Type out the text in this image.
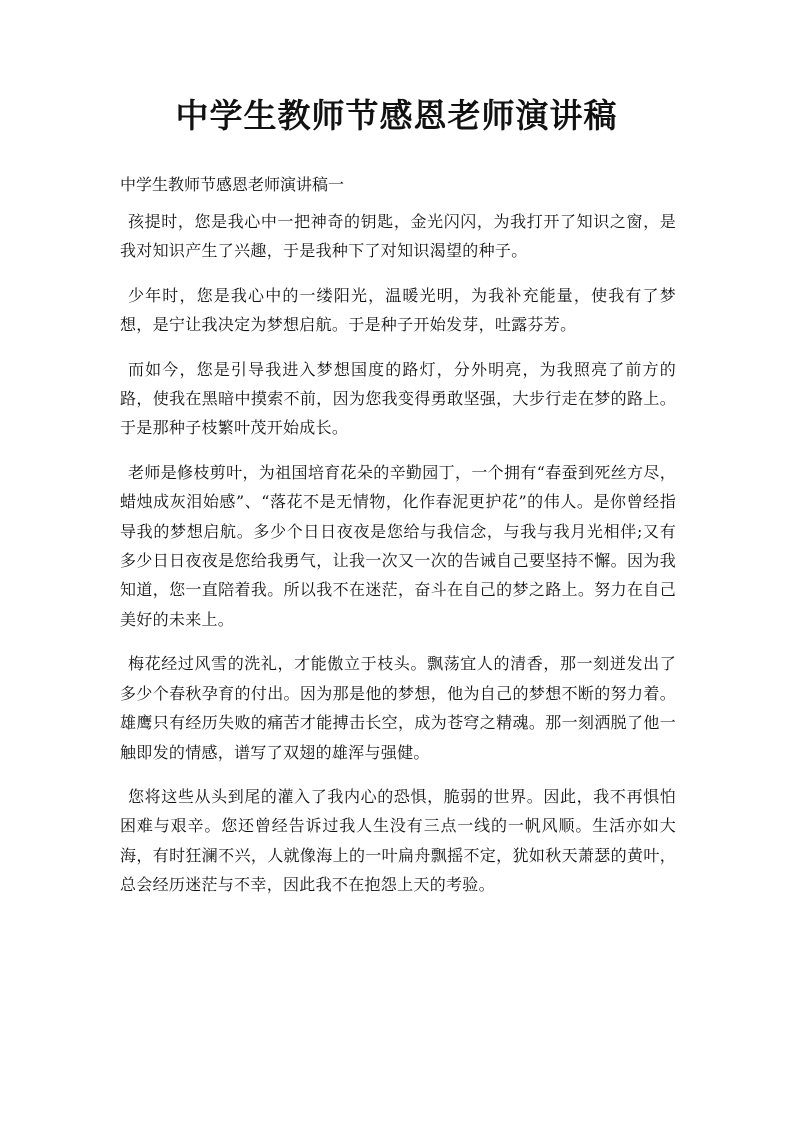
中学生教师节感恩老师演讲稿

中学生教师节感恩老师演讲稿一

孩提时，您是我心中一把神奇的钥匙，金光闪闪，为我打开了知识之窗，是我对知识产生了兴趣，于是我种下了对知识渴望的种子。

少年时，您是我心中的一缕阳光，温暖光明，为我补充能量，使我有了梦想，是宁让我决定为梦想启航。于是种子开始发芽，吐露芬芳。

而如今，您是引导我进入梦想国度的路灯，分外明亮，为我照亮了前方的路，使我在黑暗中摸索不前，因为您我变得勇敢坚强，大步行走在梦的路上。于是那种子枝繁叶茂开始成长。

老师是修枝剪叶，为祖国培育花朵的辛勤园丁，一个拥有“春蚕到死丝方尽，蜡烛成灰泪始感”、“落花不是无情物，化作春泥更护花”的伟人。是你曾经指导我的梦想启航。多少个日日夜夜是您给与我信念，与我与我月光相伴;又有多少日日夜夜是您给我勇气，让我一次又一次的告诫自己要坚持不懈。因为我知道，您一直陪着我。所以我不在迷茫，奋斗在自己的梦之路上。努力在自己美好的未来上。

梅花经过风雪的洗礼，才能傲立于枝头。飘荡宜人的清香，那一刻迸发出了多少个春秋孕育的付出。因为那是他的梦想，他为自己的梦想不断的努力着。雄鹰只有经历失败的痛苦才能搏击长空，成为苍穹之精魂。那一刻洒脱了他一触即发的情感，谱写了双翅的雄浑与强健。

您将这些从头到尾的灌入了我内心的恐惧，脆弱的世界。因此，我不再惧怕困难与艰辛。您还曾经告诉过我人生没有三点一线的一帆风顺。生活亦如大海，有时狂澜不兴，人就像海上的一叶扁舟飘摇不定，犹如秋天萧瑟的黄叶，总会经历迷茫与不幸，因此我不在抱怨上天的考验。
